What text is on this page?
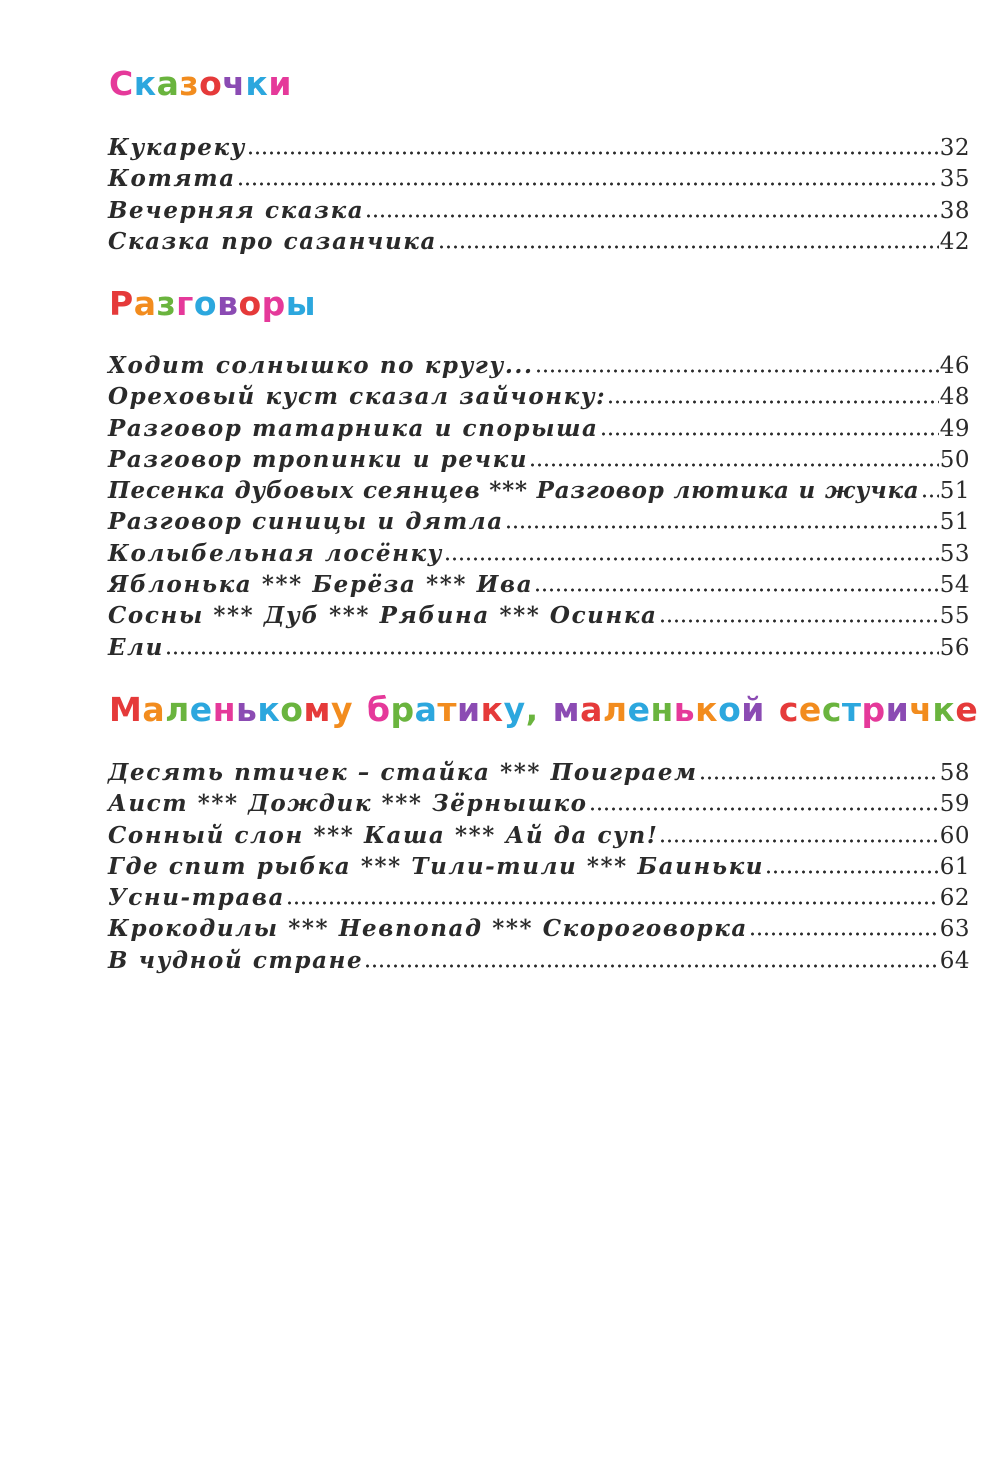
Сказочки
Кукареку	32
Котята	35
Вечерняя сказка	38
Сказка про сазанчика	42
Разговоры
Ходит солнышко по кругу...	46
Ореховый куст сказал зайчонку:	48
Разговор татарника и спорыша	49
Разговор тропинки и речки	50
Песенка дубовых сеянцев *** Разговор лютика и жучка 51
Разговор синицы и дятла	51
Колыбельная лосёнку	53
Яблонька *** Берёза *** Ива	54
Сосны *** Дуб *** Рябина *** Осинка	55
Ели	56
Маленькому братику, маленькой сестричке
Десять птичек – стайка *** Поиграем	58
Аист *** Дождик *** Зёрнышко	59
Сонный слон *** Каша *** Ай да суп!	60
Где спит рыбка *** Тили-тили *** Баиньки	61
Усни-трава	62
Крокодилы *** Невпопад *** Скороговорка	63
В чудной стране	64
